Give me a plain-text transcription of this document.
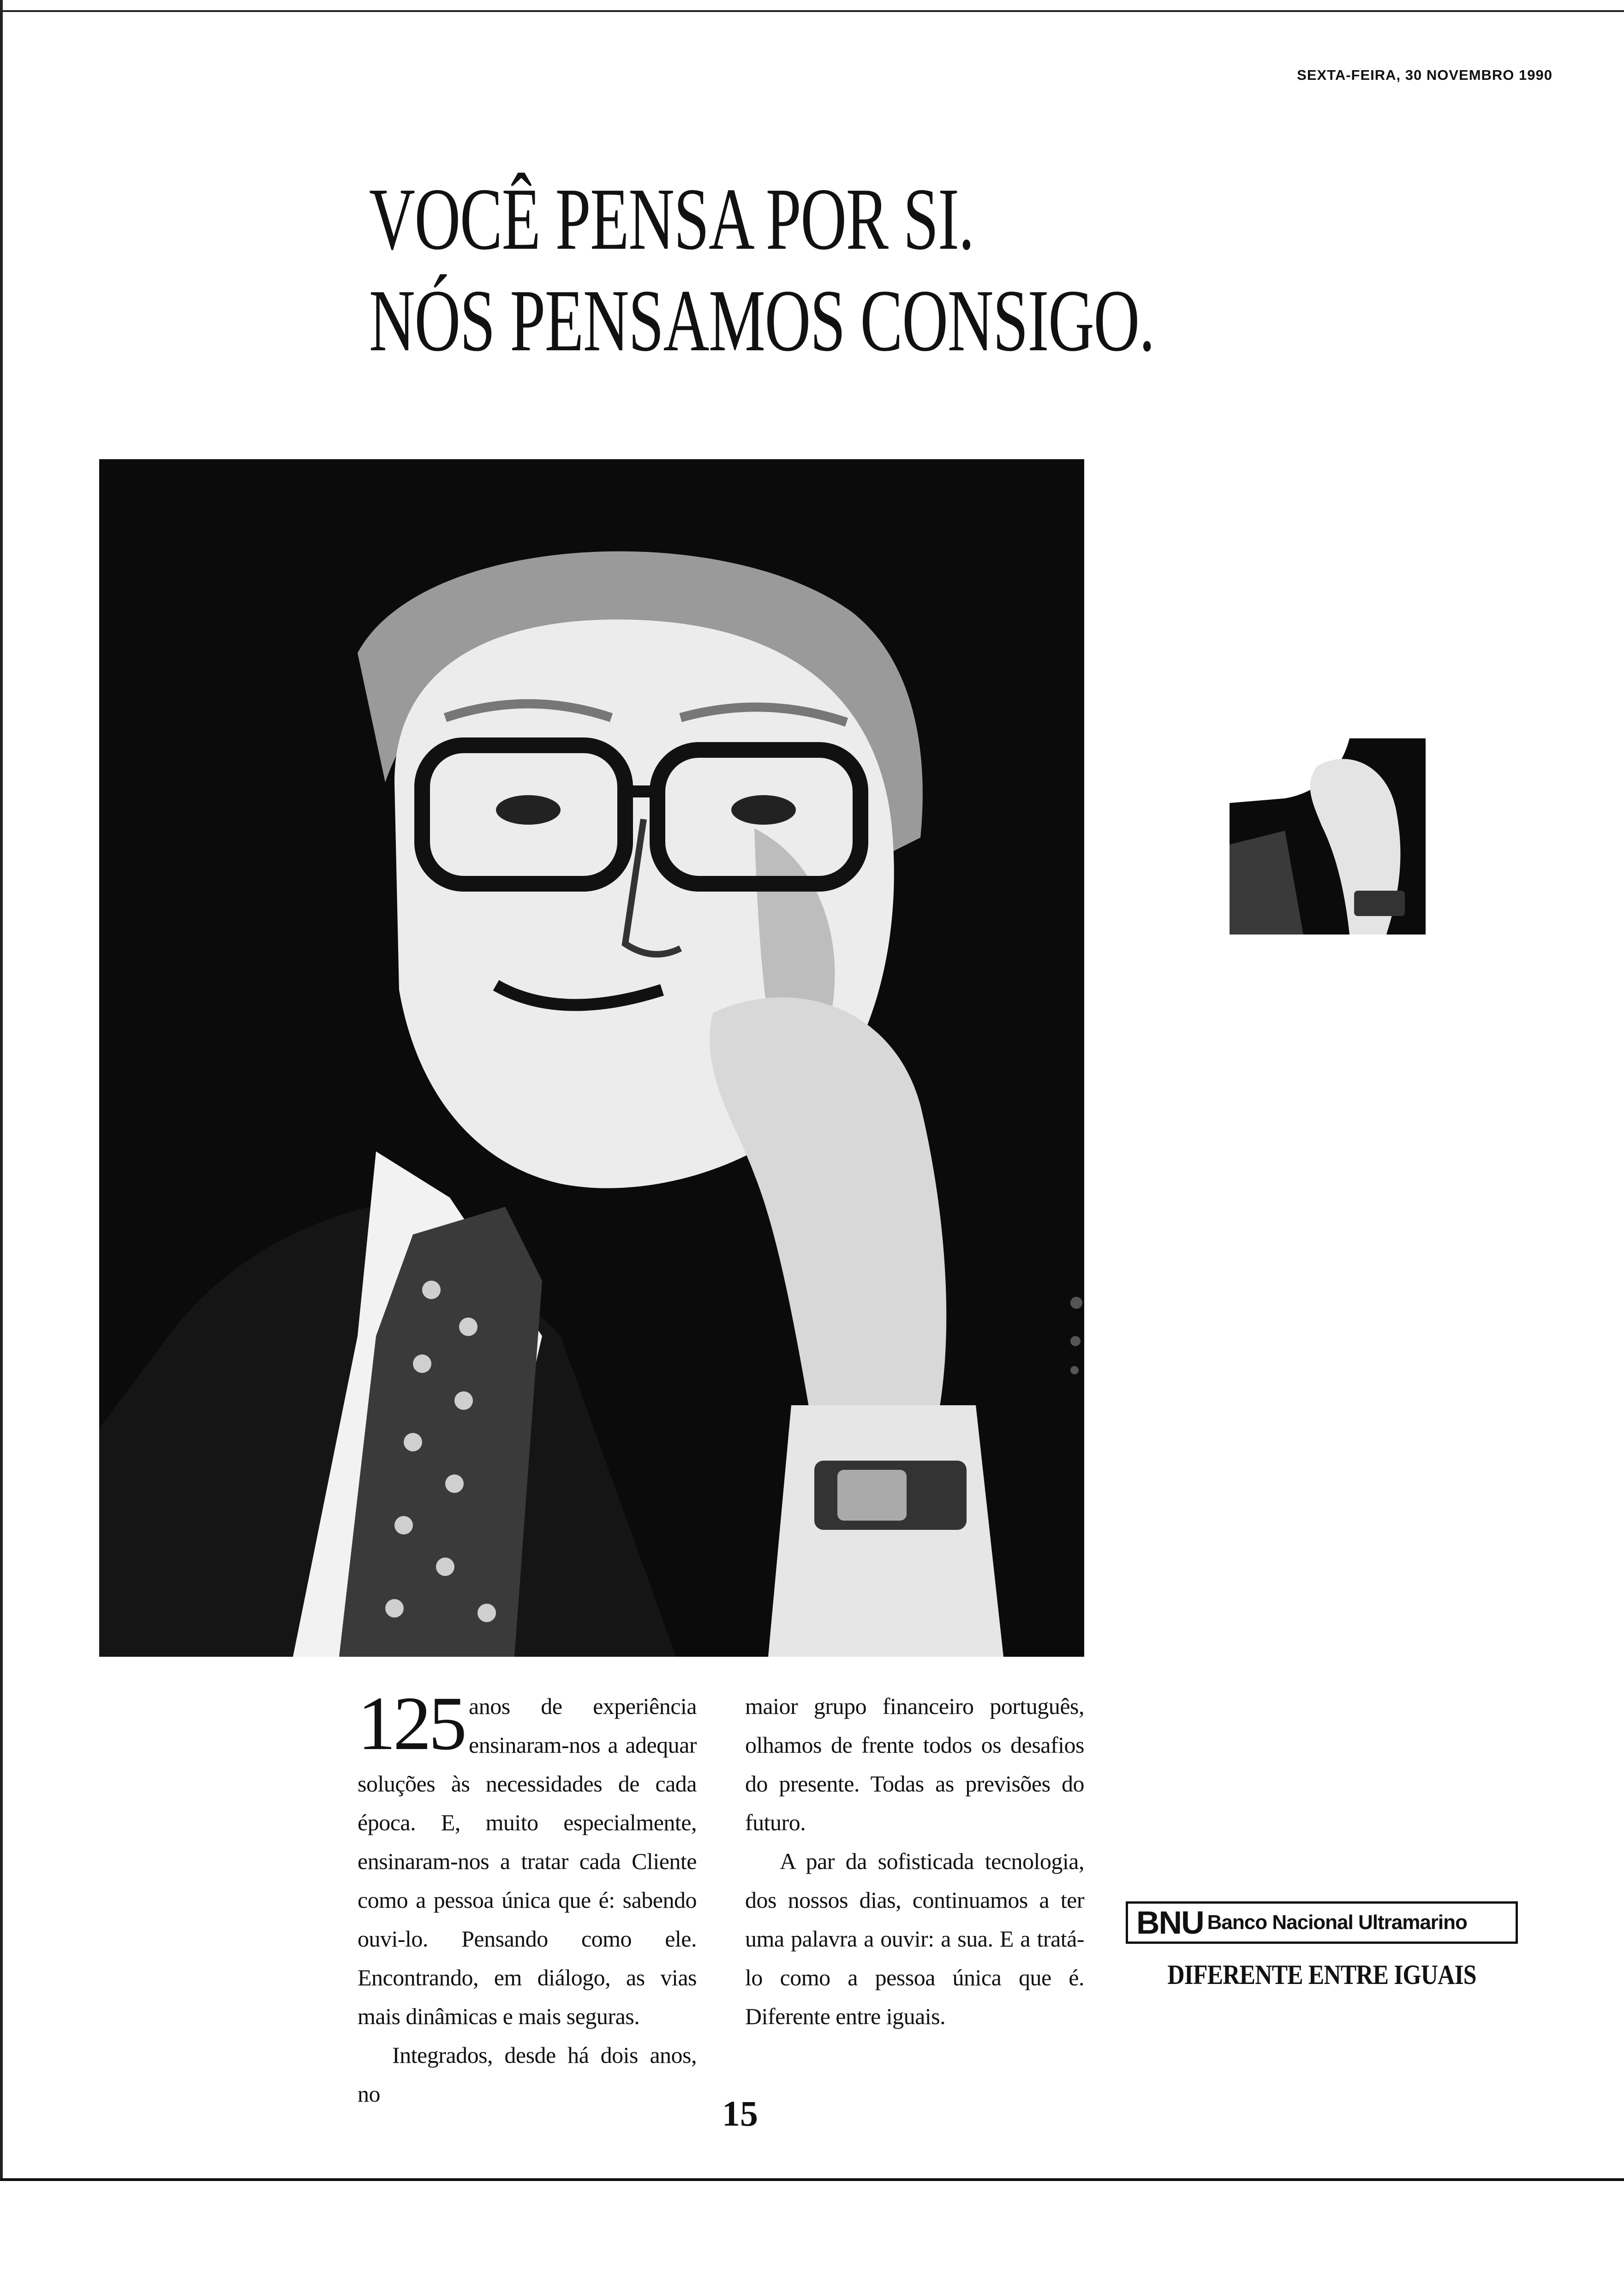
SEXTA-FEIRA, 30 NOVEMBRO 1990
VOCÊ PENSA POR SI.
NÓS PENSAMOS CONSIGO.

125 anos de experiência ensinaram-nos a adequar soluções às necessidades de cada época. E, muito especialmente, ensinaram-nos a tratar cada Cliente como a pessoa única que é: sabendo ouvi-lo. Pensando como ele. Encontrando, em diálogo, as vias mais dinâmicas e mais seguras.

Integrados, desde há dois anos, no

maior grupo financeiro português, olhamos de frente todos os desafios do presente. Todas as previsões do futuro.

A par da sofisticada tecnologia, dos nossos dias, continuamos a ter uma palavra a ouvir: a sua. E a tratá-lo como a pessoa única que é. Diferente entre iguais.

BNU Banco Nacional Ultramarino
DIFERENTE ENTRE IGUAIS
15
